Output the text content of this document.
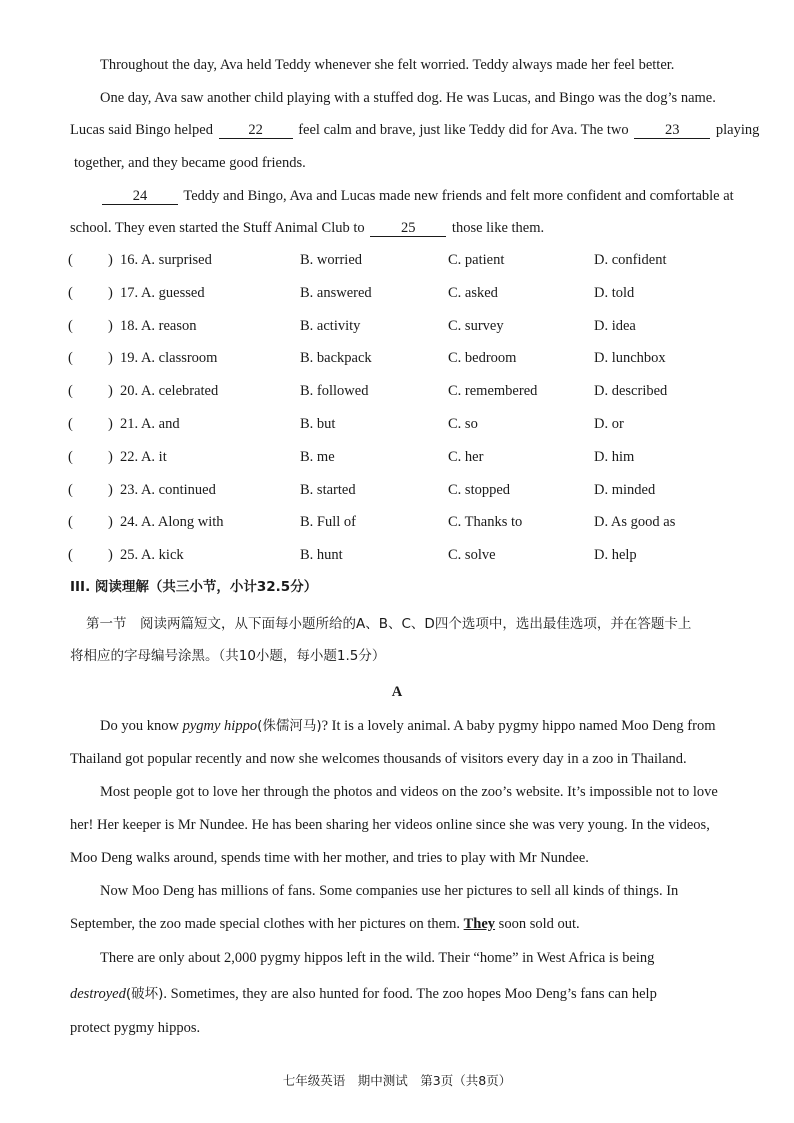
Throughout the day, Ava held Teddy whenever she felt worried. Teddy always made her feel better.
One day, Ava saw another child playing with a stuffed dog. He was Lucas, and Bingo was the dog’s name.
Lucas said Bingo helped 22 feel calm and brave, just like Teddy did for Ava. The two	23	playing
together, and they became good friends.
24 Teddy and Bingo, Ava and Lucas made new friends and felt more confident and comfortable at
school. They even started the Stuff Animal Club to	25	those like them.
( ) 16. A. surprised	B. worried	C. patient	D. confident
( ) 17. A. guessed	B. answered	C. asked	D. told
( ) 18. A. reason	B. activity	C. survey	D. idea
( ) 19. A. classroom	B. backpack	C. bedroom	D. lunchbox
( ) 20. A. celebrated	B. followed	C. remembered	D. described
( ) 21. A. and	B. but	C. so	D. or
( ) 22. A. it	B. me	C. her	D. him
( ) 23. A. continued	B. started	C. stopped	D. minded
( ) 24. A. Along with	B. Full of	C. Thanks to	D. As good as
( ) 25. A. kick	B. hunt	C. solve	D. help
III. 阅读理解（共三小节，小计32.5分）
第一节　阅读两篇短文，从下面每小题所给的A、B、C、D四个选项中，选出最佳选项，并在答题卡上
将相应的字母编号涂黑。（共10小题，每小题1.5分）
A
Do you know pygmy hippo(侏儒河马)? It is a lovely animal. A baby pygmy hippo named Moo Deng from
Thailand got popular recently and now she welcomes thousands of visitors every day in a zoo in Thailand.
Most people got to love her through the photos and videos on the zoo’s website. It’s impossible not to love
her! Her keeper is Mr Nundee. He has been sharing her videos online since she was very young. In the videos,
Moo Deng walks around, spends time with her mother, and tries to play with Mr Nundee.
Now Moo Deng has millions of fans. Some companies use her pictures to sell all kinds of things. In
September, the zoo made special clothes with her pictures on them. They soon sold out.
There are only about 2,000 pygmy hippos left in the wild. Their “home” in West Africa is being
destroyed(破坏). Sometimes, they are also hunted for food. The zoo hopes Moo Deng’s fans can help
protect pygmy hippos.
七年级英语　期中测试　第3页（共8页）
